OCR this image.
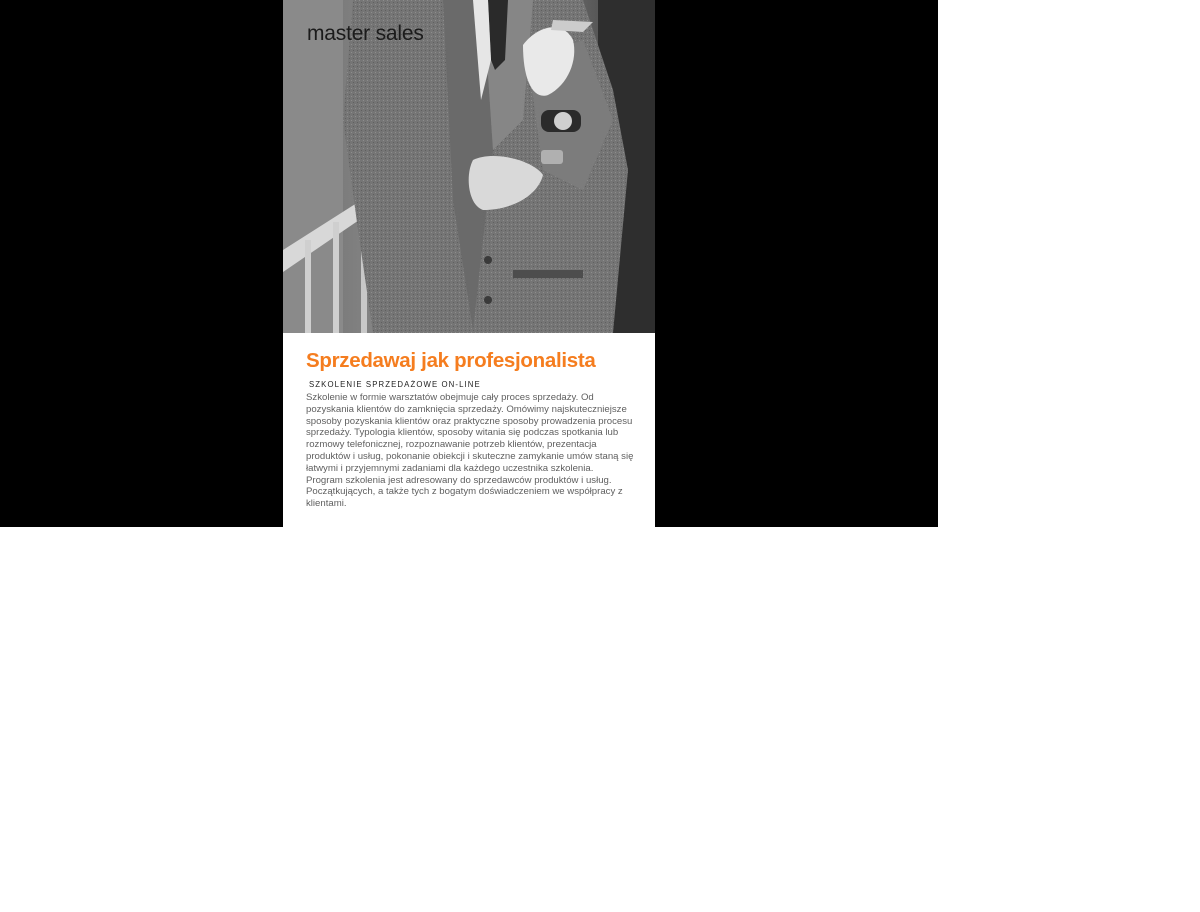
master sales
Sprzedawaj jak profesjonalista
SZKOLENIE SPRZEDAŻOWE ON-LINE

Szkolenie w formie warsztatów obejmuje cały proces sprzedaży. Od pozyskania klientów do zamknięcia sprzedaży. Omówimy najskuteczniejsze sposoby pozyskania klientów oraz praktyczne sposoby prowadzenia procesu sprzedaży. Typologia klientów, sposoby witania się podczas spotkania lub rozmowy telefonicznej, rozpoznawanie potrzeb klientów, prezentacja produktów i usług, pokonanie obiekcji i skuteczne zamykanie umów staną się łatwymi i przyjemnymi zadaniami dla każdego uczestnika szkolenia.

Program szkolenia jest adresowany do sprzedawców produktów i usług. Początkujących, a także tych z bogatym doświadczeniem we współpracy z klientami.
